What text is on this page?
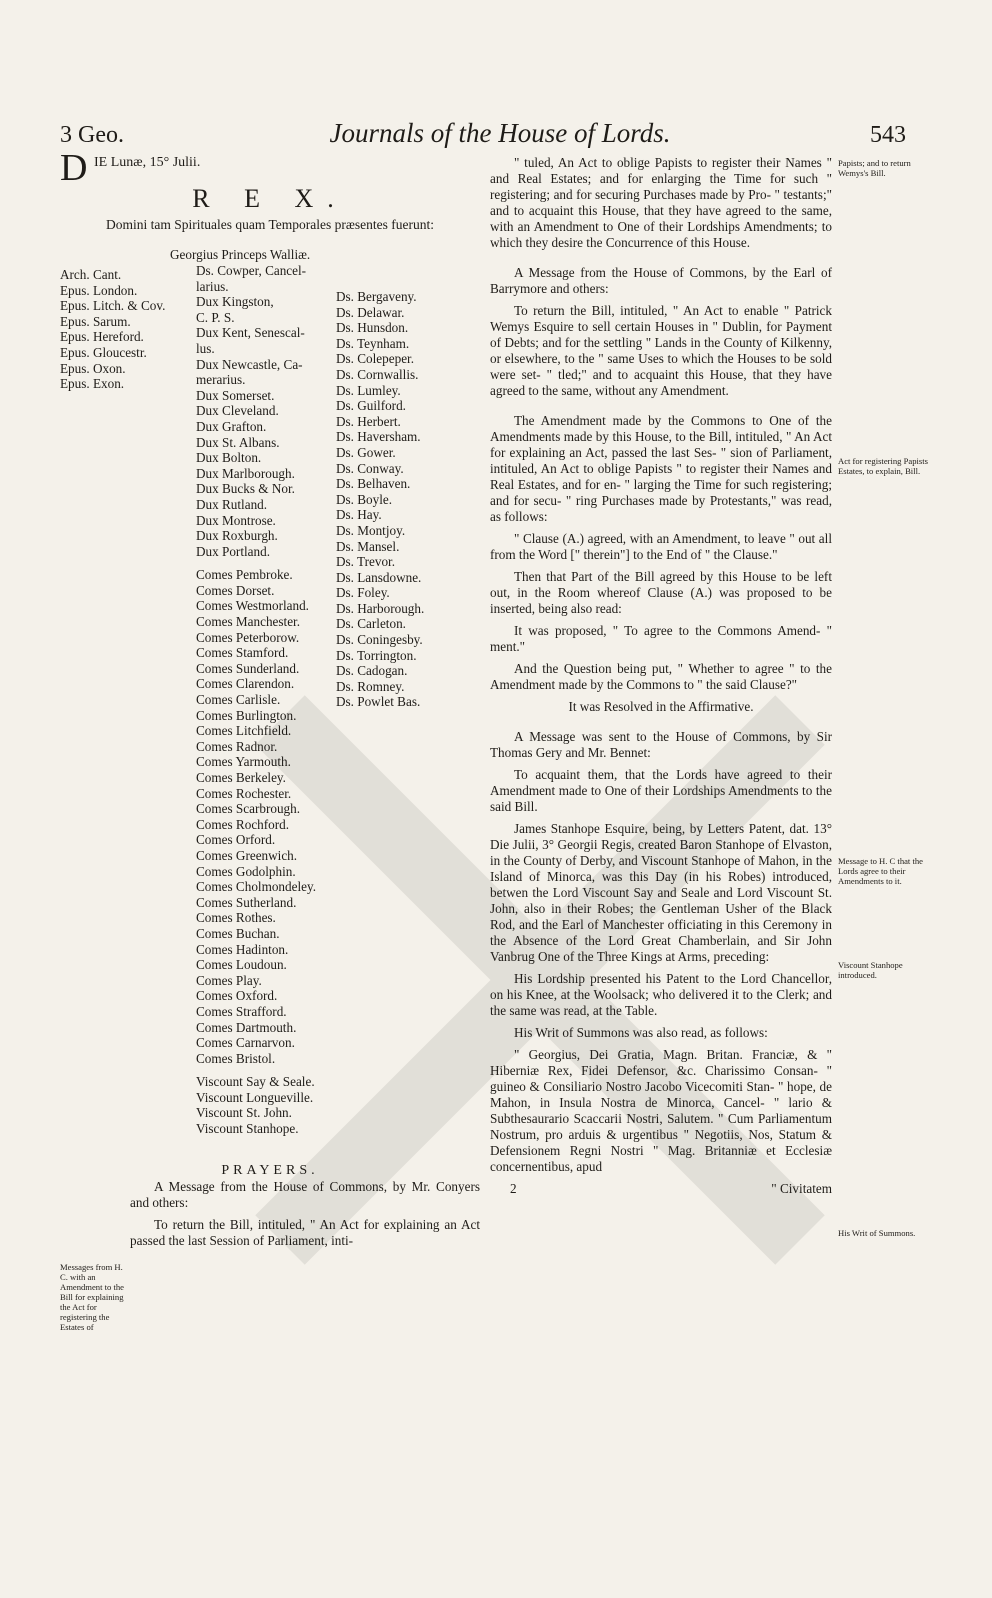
3 Geo.	Journals of the House of Lords.	543
D IE Lunæ, 15° Julii.
R E X.
Domini tam Spirituales quam Temporales præsentes fuerunt:
Georgius Princeps Walliæ.
Arch. Cant.
Epus. London.
Epus. Litch. & Cov.
Epus. Sarum.
Epus. Hereford.
Epus. Gloucestr.
Epus. Oxon.
Epus. Exon.
Ds. Cowper, Cancel-
larius.
Dux Kingston,
C. P. S.
Dux Kent, Senescal-
lus.
Dux Newcastle, Ca-
merarius.
Dux Somerset.
Dux Cleveland.
Dux Grafton.
Dux St. Albans.
Dux Bolton.
Dux Marlborough.
Dux Bucks & Nor.
Dux Rutland.
Dux Montrose.
Dux Roxburgh.
Dux Portland.
Comes Pembroke.
Comes Dorset.
Comes Westmorland.
Comes Manchester.
Comes Peterborow.
Comes Stamford.
Comes Sunderland.
Comes Clarendon.
Comes Carlisle.
Comes Burlington.
Comes Litchfield.
Comes Radnor.
Comes Yarmouth.
Comes Berkeley.
Comes Rochester.
Comes Scarbrough.
Comes Rochford.
Comes Orford.
Comes Greenwich.
Comes Godolphin.
Comes Cholmondeley.
Comes Sutherland.
Comes Rothes.
Comes Buchan.
Comes Hadinton.
Comes Loudoun.
Comes Play.
Comes Oxford.
Comes Strafford.
Comes Dartmouth.
Comes Carnarvon.
Comes Bristol.
Viscount Say & Seale.
Viscount Longueville.
Viscount St. John.
Viscount Stanhope.
Ds. Bergaveny.
Ds. Delawar.
Ds. Hunsdon.
Ds. Teynham.
Ds. Colepeper.
Ds. Cornwallis.
Ds. Lumley.
Ds. Guilford.
Ds. Herbert.
Ds. Haversham.
Ds. Gower.
Ds. Conway.
Ds. Belhaven.
Ds. Boyle.
Ds. Hay.
Ds. Montjoy.
Ds. Mansel.
Ds. Trevor.
Ds. Lansdowne.
Ds. Foley.
Ds. Harborough.
Ds. Carleton.
Ds. Coningesby.
Ds. Torrington.
Ds. Cadogan.
Ds. Romney.
Ds. Powlet Bas.
PRAYERS.

A Message from the House of Commons, by Mr. Conyers and others:

To return the Bill, intituled, " An Act for explaining an Act passed the last Session of Parliament, inti-

Messages from H. C. with an Amendment to the Bill for explaining the Act for registering the Estates of

" tuled, An Act to oblige Papists to register their Names " and Real Estates; and for enlarging the Time for such " registering; and for securing Purchases made by Pro- " testants;" and to acquaint this House, that they have agreed to the same, with an Amendment to One of their Lordships Amendments; to which they desire the Concurrence of this House.

A Message from the House of Commons, by the Earl of Barrymore and others:

To return the Bill, intituled, " An Act to enable " Patrick Wemys Esquire to sell certain Houses in " Dublin, for Payment of Debts; and for the settling " Lands in the County of Kilkenny, or elsewhere, to the " same Uses to which the Houses to be sold were set- " tled;" and to acquaint this House, that they have agreed to the same, without any Amendment.

The Amendment made by the Commons to One of the Amendments made by this House, to the Bill, intituled, " An Act for explaining an Act, passed the last Ses- " sion of Parliament, intituled, An Act to oblige Papists " to register their Names and Real Estates, and for en- " larging the Time for such registering; and for secu- " ring Purchases made by Protestants," was read, as follows:

" Clause (A.) agreed, with an Amendment, to leave " out all from the Word [" therein"] to the End of " the Clause."

Then that Part of the Bill agreed by this House to be left out, in the Room whereof Clause (A.) was proposed to be inserted, being also read:

It was proposed, " To agree to the Commons Amend- " ment."

And the Question being put, " Whether to agree " to the Amendment made by the Commons to " the said Clause?"

It was Resolved in the Affirmative.

A Message was sent to the House of Commons, by Sir Thomas Gery and Mr. Bennet:

To acquaint them, that the Lords have agreed to their Amendment made to One of their Lordships Amendments to the said Bill.

James Stanhope Esquire, being, by Letters Patent, dat. 13° Die Julii, 3° Georgii Regis, created Baron Stanhope of Elvaston, in the County of Derby, and Viscount Stanhope of Mahon, in the Island of Minorca, was this Day (in his Robes) introduced, betwen the Lord Viscount Say and Seale and Lord Viscount St. John, also in their Robes; the Gentleman Usher of the Black Rod, and the Earl of Manchester officiating in this Ceremony in the Absence of the Lord Great Chamberlain, and Sir John Vanbrug One of the Three Kings at Arms, preceding:

His Lordship presented his Patent to the Lord Chancellor, on his Knee, at the Woolsack; who delivered it to the Clerk; and the same was read, at the Table.

His Writ of Summons was also read, as follows:

" Georgius, Dei Gratia, Magn. Britan. Franciæ, & " Hiberniæ Rex, Fidei Defensor, &c. Charissimo Consan- " guineo & Consiliario Nostro Jacobo Vicecomiti Stan- " hope, de Mahon, in Insula Nostra de Minorca, Cancel- " lario & Subthesaurario Scaccarii Nostri, Salutem. " Cum Parliamentum Nostrum, pro arduis & urgentibus " Negotiis, Nos, Statum & Defensionem Regni Nostri " Mag. Britanniæ et Ecclesiæ concernentibus, apud

2	" Civitatem
Papists; and to return Wemys's Bill.
Act for registering Papists Estates, to explain, Bill.
Message to H. C that the Lords agree to their Amendments to it.
Viscount Stanhope introduced.
His Writ of Summons.
